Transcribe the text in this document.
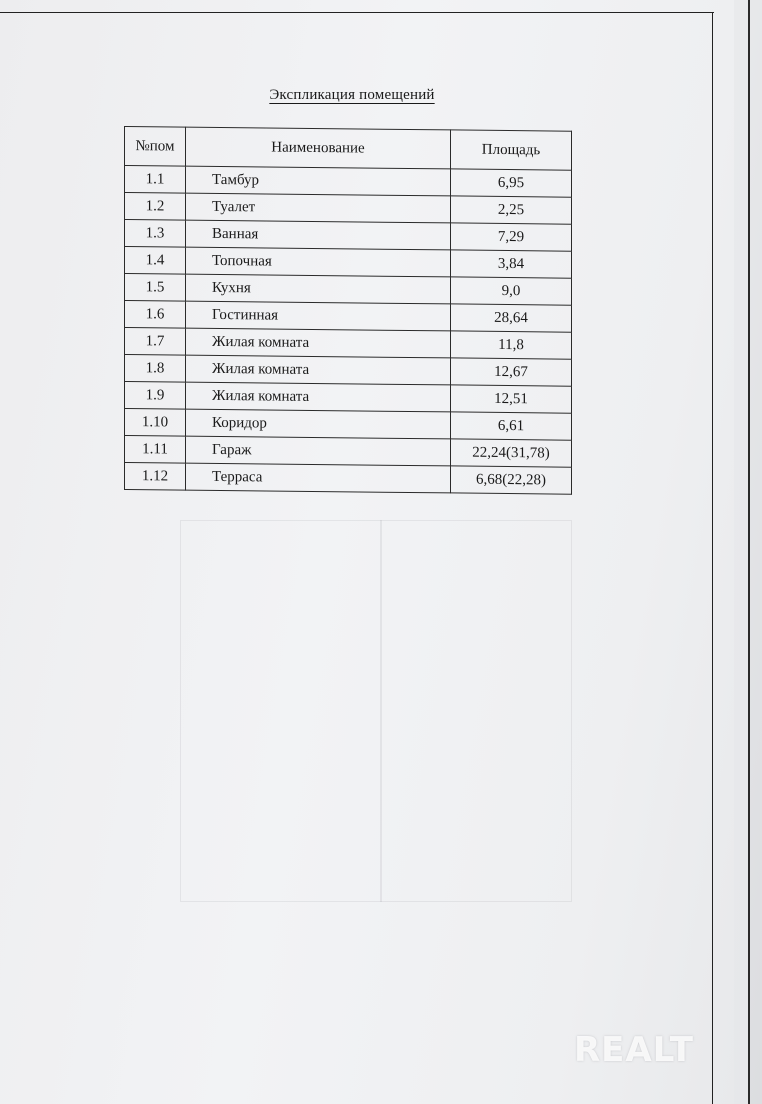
Экспликация помещений
№пом	Наименование	Площадь
1.1	Тамбур	6,95
1.2	Туалет	2,25
1.3	Ванная	7,29
1.4	Топочная	3,84
1.5	Кухня	9,0
1.6	Гостинная	28,64
1.7	Жилая комната	11,8
1.8	Жилая комната	12,67
1.9	Жилая комната	12,51
1.10	Коридор	6,61
1.11	Гараж	22,24(31,78)
1.12	Терраса	6,68(22,28)
REALT
